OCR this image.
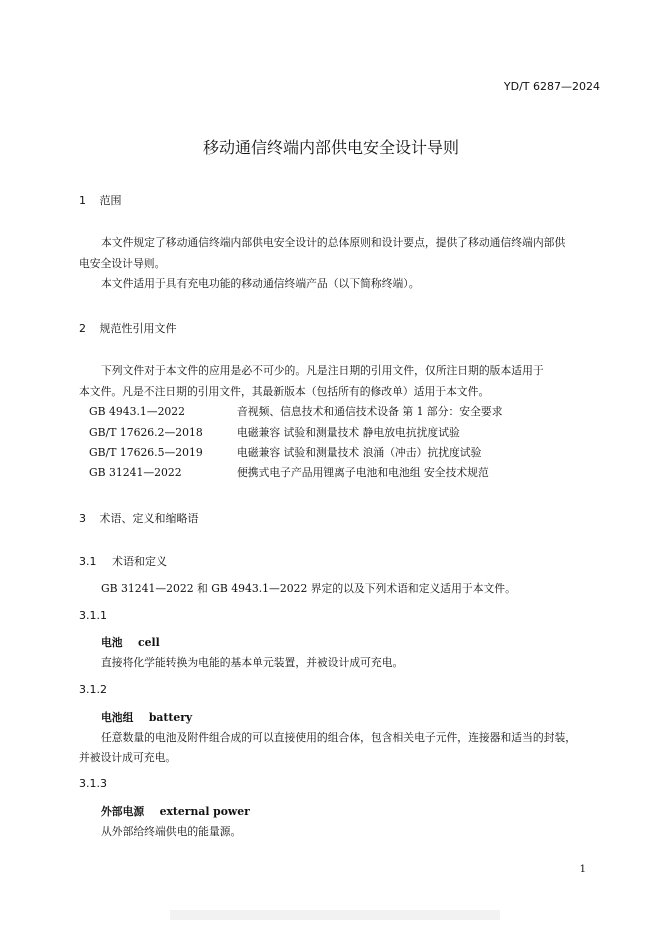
YD/T 6287—2024
移动通信终端内部供电安全设计导则
1 范围
本文件规定了移动通信终端内部供电安全设计的总体原则和设计要点，提供了移动通信终端内部供
电安全设计导则。
本文件适用于具有充电功能的移动通信终端产品（以下简称终端）。
2 规范性引用文件
下列文件对于本文件的应用是必不可少的。凡是注日期的引用文件，仅所注日期的版本适用于
本文件。凡是不注日期的引用文件，其最新版本（包括所有的修改单）适用于本文件。
GB 4943.1—2022	音视频、信息技术和通信技术设备 第 1 部分：安全要求
GB/T 17626.2—2018	电磁兼容 试验和测量技术 静电放电抗扰度试验
GB/T 17626.5—2019	电磁兼容 试验和测量技术 浪涌（冲击）抗扰度试验
GB 31241—2022	便携式电子产品用锂离子电池和电池组 安全技术规范
3 术语、定义和缩略语
3.1 术语和定义
GB 31241—2022 和 GB 4943.1—2022 界定的以及下列术语和定义适用于本文件。
3.1.1
电池 cell
直接将化学能转换为电能的基本单元装置，并被设计成可充电。
3.1.2
电池组 battery
任意数量的电池及附件组合成的可以直接使用的组合体，包含相关电子元件，连接器和适当的封装，
并被设计成可充电。
3.1.3
外部电源 external power
从外部给终端供电的能量源。
1
